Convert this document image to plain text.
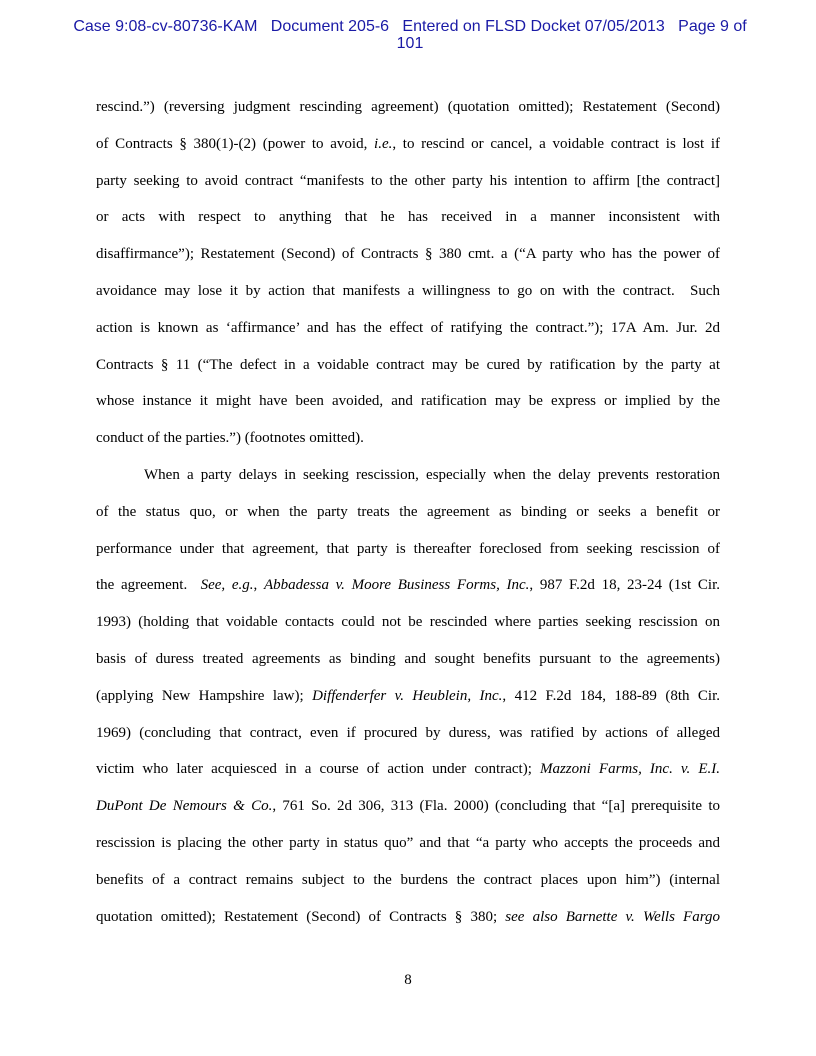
Case 9:08-cv-80736-KAM Document 205-6 Entered on FLSD Docket 07/05/2013 Page 9 of
101
rescind.”) (reversing judgment rescinding agreement) (quotation omitted); Restatement (Second)
of Contracts § 380(1)-(2) (power to avoid, i.e., to rescind or cancel, a voidable contract is lost if
party seeking to avoid contract “manifests to the other party his intention to affirm [the contract]
or acts with respect to anything that he has received in a manner inconsistent with
disaffirmance”); Restatement (Second) of Contracts § 380 cmt. a (“A party who has the power of
avoidance may lose it by action that manifests a willingness to go on with the contract.  Such
action is known as ‘affirmance’ and has the effect of ratifying the contract.”); 17A Am. Jur. 2d
Contracts § 11 (“The defect in a voidable contract may be cured by ratification by the party at
whose instance it might have been avoided, and ratification may be express or implied by the
conduct of the parties.”) (footnotes omitted).
When a party delays in seeking rescission, especially when the delay prevents restoration
of the status quo, or when the party treats the agreement as binding or seeks a benefit or
performance under that agreement, that party is thereafter foreclosed from seeking rescission of
the agreement.  See, e.g., Abbadessa v. Moore Business Forms, Inc., 987 F.2d 18, 23-24 (1st Cir.
1993) (holding that voidable contacts could not be rescinded where parties seeking rescission on
basis of duress treated agreements as binding and sought benefits pursuant to the agreements)
(applying New Hampshire law); Diffenderfer v. Heublein, Inc., 412 F.2d 184, 188-89 (8th Cir.
1969) (concluding that contract, even if procured by duress, was ratified by actions of alleged
victim who later acquiesced in a course of action under contract); Mazzoni Farms, Inc. v. E.I.
DuPont De Nemours & Co., 761 So. 2d 306, 313 (Fla. 2000) (concluding that “[a] prerequisite to
rescission is placing the other party in status quo” and that “a party who accepts the proceeds and
benefits of a contract remains subject to the burdens the contract places upon him”) (internal
quotation omitted); Restatement (Second) of Contracts § 380; see also Barnette v. Wells Fargo
8
